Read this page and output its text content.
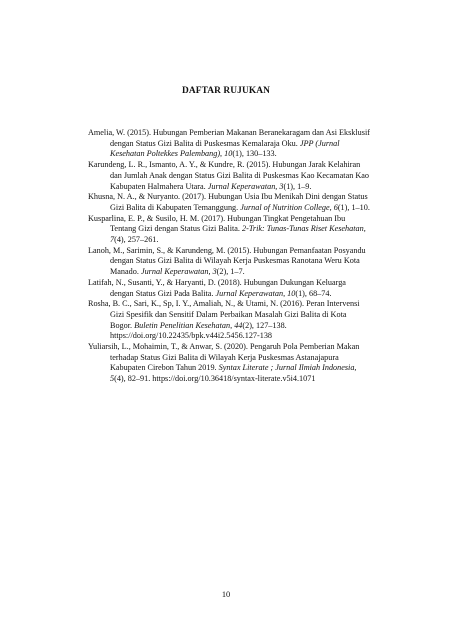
DAFTAR RUJUKAN
Amelia, W. (2015). Hubungan Pemberian Makanan Beranekaragam dan Asi Eksklusif dengan Status Gizi Balita di Puskesmas Kemalaraja Oku. JPP (Jurnal Kesehatan Poltekkes Palembang), 10(1), 130–133.
Karundeng, L. R., Ismanto, A. Y., & Kundre, R. (2015). Hubungan Jarak Kelahiran dan Jumlah Anak dengan Status Gizi Balita di Puskesmas Kao Kecamatan Kao Kabupaten Halmahera Utara. Jurnal Keperawatan, 3(1), 1–9.
Khusna, N. A., & Nuryanto. (2017). Hubungan Usia Ibu Menikah Dini dengan Status Gizi Balita di Kabupaten Temanggung. Jurnal of Nutrition College, 6(1), 1–10.
Kusparlina, E. P., & Susilo, H. M. (2017). Hubungan Tingkat Pengetahuan Ibu Tentang Gizi dengan Status Gizi Balita. 2-Trik: Tunas-Tunas Riset Kesehatan, 7(4), 257–261.
Lanoh, M., Sarimin, S., & Karundeng, M. (2015). Hubungan Pemanfaatan Posyandu dengan Status Gizi Balita di Wilayah Kerja Puskesmas Ranotana Weru Kota Manado. Jurnal Keperawatan, 3(2), 1–7.
Latifah, N., Susanti, Y., & Haryanti, D. (2018). Hubungan Dukungan Keluarga dengan Status Gizi Pada Balita. Jurnal Keperawatan, 10(1), 68–74.
Rosha, B. C., Sari, K., Sp, I. Y., Amaliah, N., & Utami, N. (2016). Peran Intervensi Gizi Spesifik dan Sensitif Dalam Perbaikan Masalah Gizi Balita di Kota Bogor. Buletin Penelitian Kesehatan, 44(2), 127–138. https://doi.org/10.22435/bpk.v44i2.5456.127-138
Yuliarsih, L., Mohaimin, T., & Anwar, S. (2020). Pengaruh Pola Pemberian Makan terhadap Status Gizi Balita di Wilayah Kerja Puskesmas Astanajapura Kabupaten Cirebon Tahun 2019. Syntax Literate ; Jurnal Ilmiah Indonesia, 5(4), 82–91. https://doi.org/10.36418/syntax-literate.v5i4.1071
10
